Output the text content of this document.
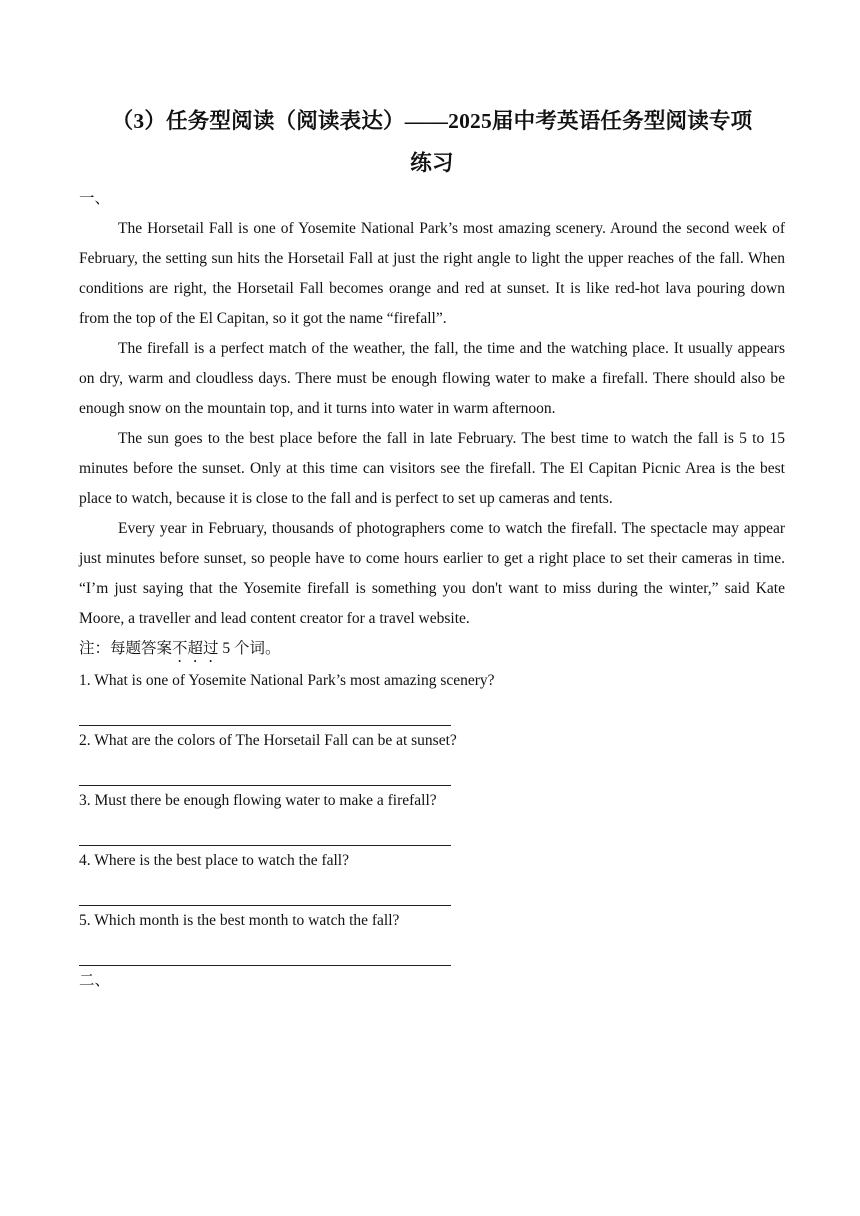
（3）任务型阅读（阅读表达）——2025届中考英语任务型阅读专项
练习

一、

The Horsetail Fall is one of Yosemite National Park’s most amazing scenery. Around the second week of February, the setting sun hits the Horsetail Fall at just the right angle to light the upper reaches of the fall. When conditions are right, the Horsetail Fall becomes orange and red at sunset. It is like red-hot lava pouring down from the top of the El Capitan, so it got the name “firefall”.

The firefall is a perfect match of the weather, the fall, the time and the watching place. It usually appears on dry, warm and cloudless days. There must be enough flowing water to make a firefall. There should also be enough snow on the mountain top, and it turns into water in warm afternoon.

The sun goes to the best place before the fall in late February. The best time to watch the fall is 5 to 15 minutes before the sunset. Only at this time can visitors see the firefall. The El Capitan Picnic Area is the best place to watch, because it is close to the fall and is perfect to set up cameras and tents.

Every year in February, thousands of photographers come to watch the firefall. The spectacle may appear just minutes before sunset, so people have to come hours earlier to get a right place to set their cameras in time. “I’m just saying that the Yosemite firefall is something you don't want to miss during the winter,” said Kate Moore, a traveller and lead content creator for a travel website.

注：每题答案不超过 5 个词。

1. What is one of Yosemite National Park’s most amazing scenery?

2. What are the colors of The Horsetail Fall can be at sunset?

3. Must there be enough flowing water to make a firefall?

4. Where is the best place to watch the fall?

5. Which month is the best month to watch the fall?

二、
